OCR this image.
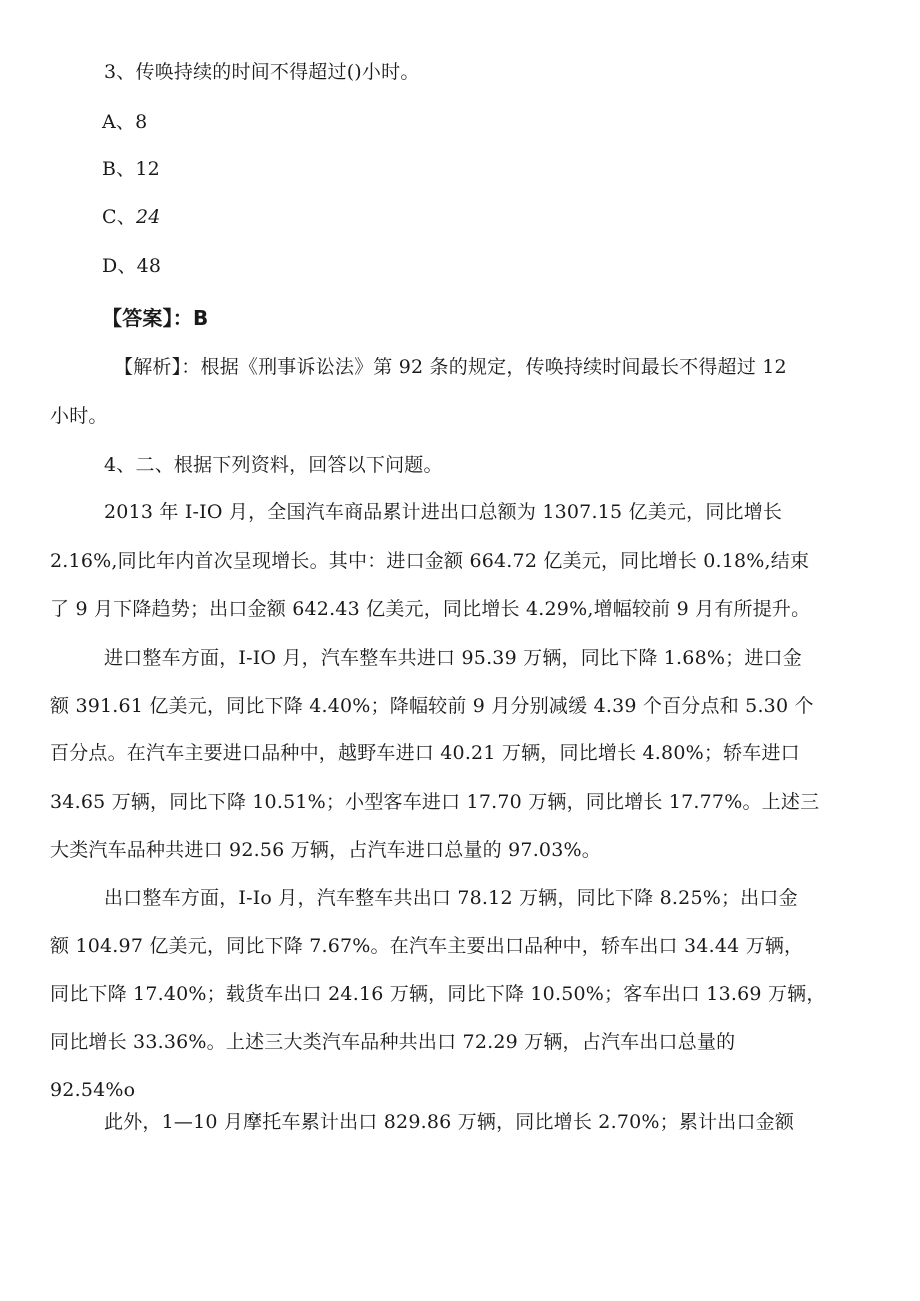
3、传唤持续的时间不得超过()小时。
A、8
B、12
C、24
D、48
【答案】：B
【解析】：根据《刑事诉讼法》第 92 条的规定，传唤持续时间最长不得超过 12
小时。
4、二、根据下列资料，回答以下问题。
2013 年 I-IO 月，全国汽车商品累计进出口总额为 1307.15 亿美元，同比增长
2.16%,同比年内首次呈现增长。其中：进口金额 664.72 亿美元，同比增长 0.18%,结束
了 9 月下降趋势；出口金额 642.43 亿美元，同比增长 4.29%,增幅较前 9 月有所提升。
进口整车方面，I-IO 月，汽车整车共进口 95.39 万辆，同比下降 1.68%；进口金
额 391.61 亿美元，同比下降 4.40%；降幅较前 9 月分别减缓 4.39 个百分点和 5.30 个
百分点。在汽车主要进口品种中，越野车进口 40.21 万辆，同比增长 4.80%；轿车进口
34.65 万辆，同比下降 10.51%；小型客车进口 17.70 万辆，同比增长 17.77%。上述三
大类汽车品种共进口 92.56 万辆，占汽车进口总量的 97.03%。
出口整车方面，I-Io 月，汽车整车共出口 78.12 万辆，同比下降 8.25%；出口金
额 104.97 亿美元，同比下降 7.67%。在汽车主要出口品种中，轿车出口 34.44 万辆，
同比下降 17.40%；载货车出口 24.16 万辆，同比下降 10.50%；客车出口 13.69 万辆，
同比增长 33.36%。上述三大类汽车品种共出口 72.29 万辆，占汽车出口总量的
92.54%o
此外，1—10 月摩托车累计出口 829.86 万辆，同比增长 2.70%；累计出口金额
